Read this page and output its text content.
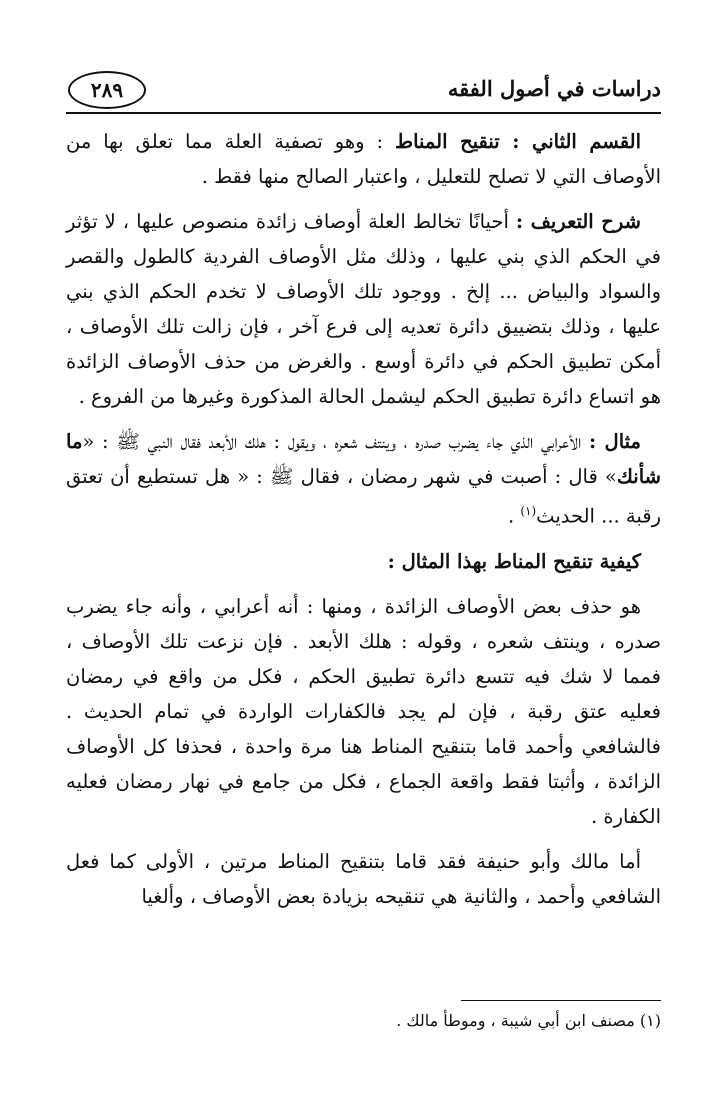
دراسات في أصول الفقه
٢٨٩

القسم الثاني : تنقيح المناط : وهو تصفية العلة مما تعلق بها من الأوصاف التي لا تصلح للتعليل ، واعتبار الصالح منها فقط .

شرح التعريف : أحيانًا تخالط العلة أوصاف زائدة منصوص عليها ، لا تؤثر في الحكم الذي بني عليها ، وذلك مثل الأوصاف الفردية كالطول والقصر والسواد والبياض ... إلخ . ووجود تلك الأوصاف لا تخدم الحكم الذي بني عليها ، وذلك بتضييق دائرة تعديه إلى فرع آخر ، فإن زالت تلك الأوصاف ، أمكن تطبيق الحكم في دائرة أوسع . والغرض من حذف الأوصاف الزائدة هو اتساع دائرة تطبيق الحكم ليشمل الحالة المذكورة وغيرها من الفروع .

مثال : الأعرابي الذي جاء يضرب صدره ، وينتف شعره ، ويقول : هلك الأبعد فقال النبي ﷺ : «ما شأنك» قال : أصبت في شهر رمضان ، فقال ﷺ : « هل تستطيع أن تعتق رقبة ... الحديث$^{(١)}$ .

كيفية تنقيح المناط بهذا المثال :

هو حذف بعض الأوصاف الزائدة ، ومنها : أنه أعرابي ، وأنه جاء يضرب صدره ، وينتف شعره ، وقوله : هلك الأبعد . فإن نزعت تلك الأوصاف ، فمما لا شك فيه تتسع دائرة تطبيق الحكم ، فكل من واقع في رمضان فعليه عتق رقبة ، فإن لم يجد فالكفارات الواردة في تمام الحديث . فالشافعي وأحمد قاما بتنقيح المناط هنا مرة واحدة ، فحذفا كل الأوصاف الزائدة ، وأثبتا فقط واقعة الجماع ، فكل من جامع في نهار رمضان فعليه الكفارة .

أما مالك وأبو حنيفة فقد قاما بتنقيح المناط مرتين ، الأولى كما فعل الشافعي وأحمد ، والثانية هي تنقيحه بزيادة بعض الأوصاف ، وألغيا

(١) مصنف ابن أبي شيبة ، وموطأ مالك .
